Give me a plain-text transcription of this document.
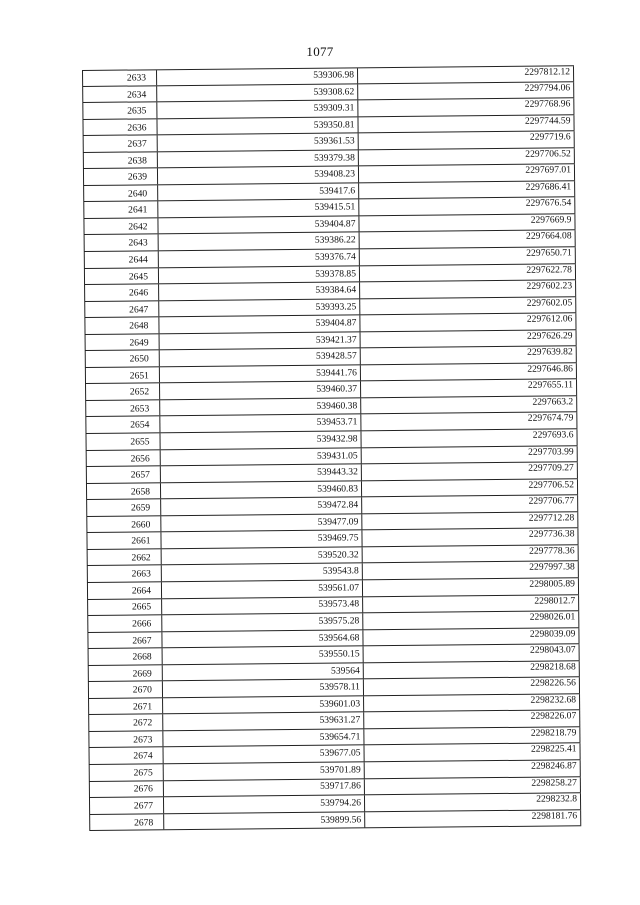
1077
2633	539306.98	2297812.12
2634	539308.62	2297794.06
2635	539309.31	2297768.96
2636	539350.81	2297744.59
2637	539361.53	2297719.6
2638	539379.38	2297706.52
2639	539408.23	2297697.01
2640	539417.6	2297686.41
2641	539415.51	2297676.54
2642	539404.87	2297669.9
2643	539386.22	2297664.08
2644	539376.74	2297650.71
2645	539378.85	2297622.78
2646	539384.64	2297602.23
2647	539393.25	2297602.05
2648	539404.87	2297612.06
2649	539421.37	2297626.29
2650	539428.57	2297639.82
2651	539441.76	2297646.86
2652	539460.37	2297655.11
2653	539460.38	2297663.2
2654	539453.71	2297674.79
2655	539432.98	2297693.6
2656	539431.05	2297703.99
2657	539443.32	2297709.27
2658	539460.83	2297706.52
2659	539472.84	2297706.77
2660	539477.09	2297712.28
2661	539469.75	2297736.38
2662	539520.32	2297778.36
2663	539543.8	2297997.38
2664	539561.07	2298005.89
2665	539573.48	2298012.7
2666	539575.28	2298026.01
2667	539564.68	2298039.09
2668	539550.15	2298043.07
2669	539564	2298218.68
2670	539578.11	2298226.56
2671	539601.03	2298232.68
2672	539631.27	2298226.07
2673	539654.71	2298218.79
2674	539677.05	2298225.41
2675	539701.89	2298246.87
2676	539717.86	2298258.27
2677	539794.26	2298232.8
2678	539899.56	2298181.76
